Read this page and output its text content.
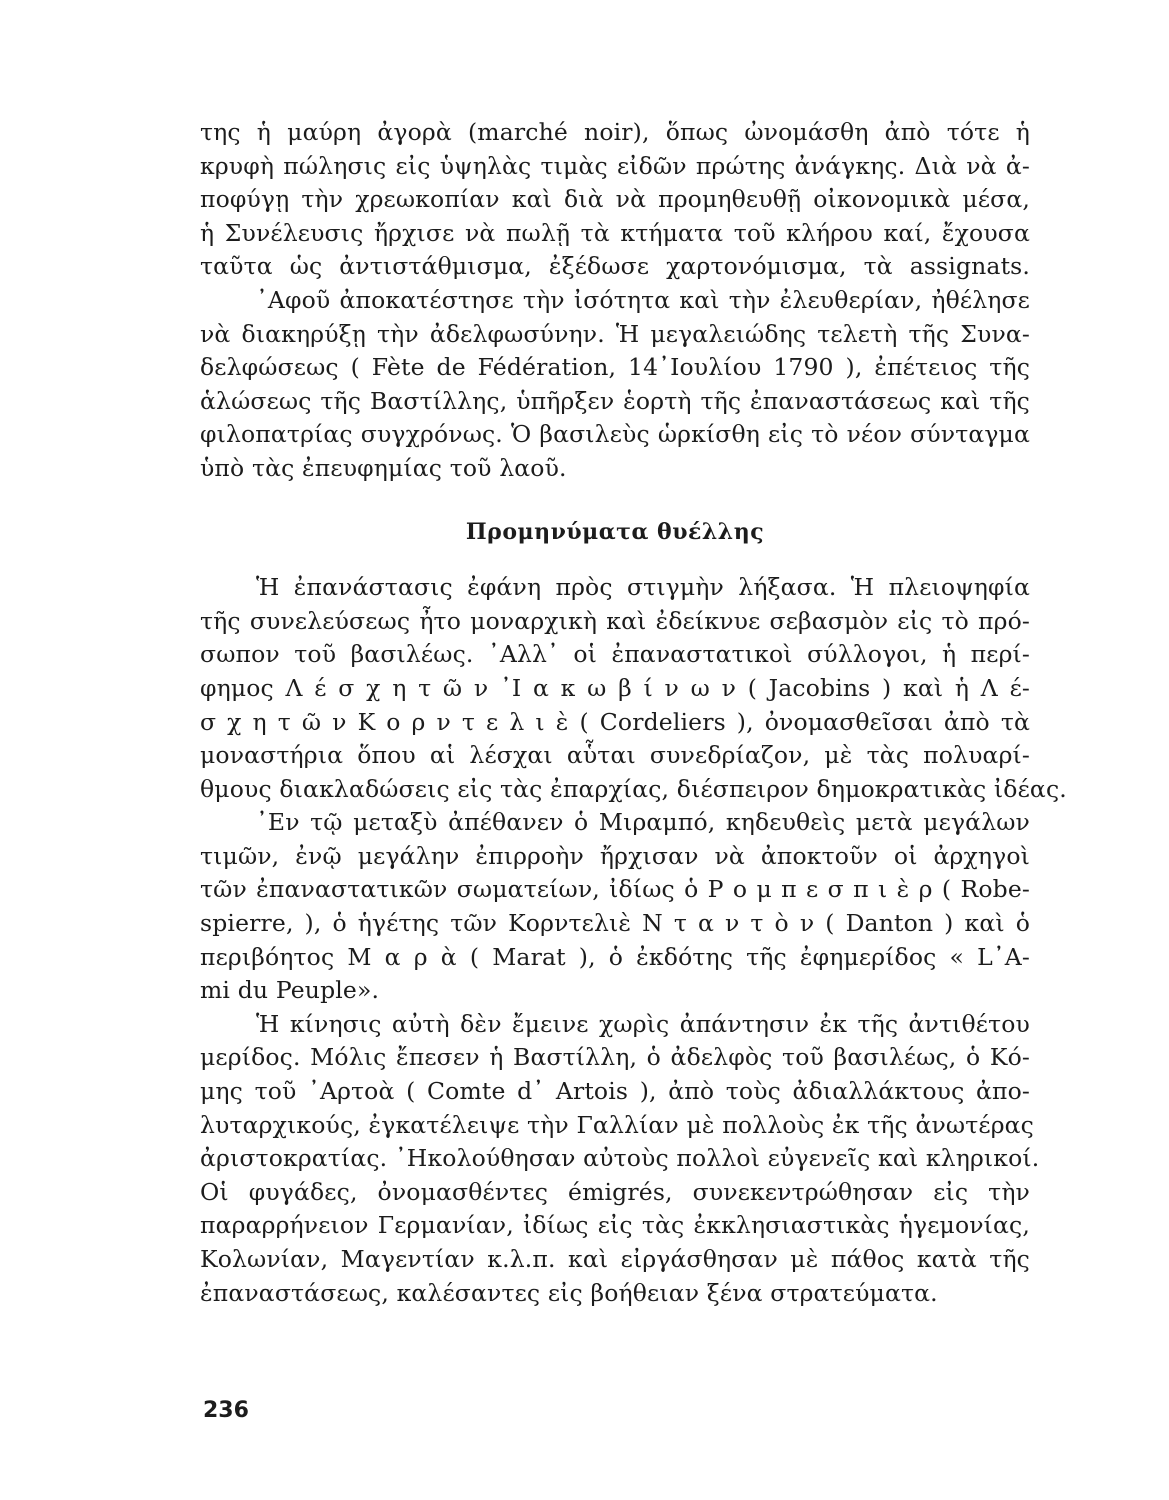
της ἡ μαύρη ἀγορὰ (marché noir), ὅπως ὠνομάσθη ἀπὸ τότε ἡ
κρυφὴ πώλησις εἰς ὑψηλὰς τιμὰς εἰδῶν πρώτης ἀνάγκης. Διὰ νὰ ἀ-
ποφύγῃ τὴν χρεωκοπίαν καὶ διὰ νὰ προμηθευθῇ οἰκονομικὰ μέσα,
ἡ Συνέλευσις ἤρχισε νὰ πωλῇ τὰ κτήματα τοῦ κλήρου καί, ἔχουσα
ταῦτα ὡς ἀντιστάθμισμα, ἐξέδωσε χαρτονόμισμα, τὰ assignats.
᾿Αφοῦ ἀποκατέστησε τὴν ἰσότητα καὶ τὴν ἐλευθερίαν, ἠθέλησε
νὰ διακηρύξῃ τὴν ἀδελφωσύνην. Ἡ μεγαλειώδης τελετὴ τῆς Συνα-
δελφώσεως ( Fète de Fédération, 14᾿Ιουλίου 1790 ), ἐπέτειος τῆς
ἁλώσεως τῆς Βαστίλλης, ὑπῆρξεν ἑορτὴ τῆς ἐπαναστάσεως καὶ τῆς
φιλοπατρίας συγχρόνως. Ὁ βασιλεὺς ὡρκίσθη εἰς τὸ νέον σύνταγμα
ὑπὸ τὰς ἐπευφημίας τοῦ λαοῦ.
Προμηνύματα θυέλλης
Ἡ ἐπανάστασις ἐφάνη πρὸς στιγμὴν λήξασα. Ἡ πλειοψηφία
τῆς συνελεύσεως ἦτο μοναρχικὴ καὶ ἐδείκνυε σεβασμὸν εἰς τὸ πρό-
σωπον τοῦ βασιλέως. ᾿Αλλ᾿ οἱ ἐπαναστατικοὶ σύλλογοι, ἡ περί-
φημος Λ έ σ χ η τ ῶ ν ᾿Ι α κ ω β ί ν ω ν ( Jacobins ) καὶ ἡ Λ έ-
σ χ η τ ῶ ν Κ ο ρ ν τ ε λ ι ὲ ( Cordeliers ), ὀνομασθεῖσαι ἀπὸ τὰ
μοναστήρια ὅπου αἱ λέσχαι αὗται συνεδρίαζον, μὲ τὰς πολυαρί-
θμους διακλαδώσεις εἰς τὰς ἐπαρχίας, διέσπειρον δημοκρατικὰς ἰδέας.
᾿Εν τῷ μεταξὺ ἀπέθανεν ὁ Μιραμπό, κηδευθεὶς μετὰ μεγάλων
τιμῶν, ἐνῷ μεγάλην ἐπιρροὴν ἤρχισαν νὰ ἀποκτοῦν οἱ ἀρχηγοὶ
τῶν ἐπαναστατικῶν σωματείων, ἰδίως ὁ Ρ ο μ π ε σ π ι ὲ ρ ( Robe-
spierre, ), ὁ ἡγέτης τῶν Κορντελιὲ Ν τ α ν τ ὸ ν ( Danton ) καὶ ὁ
περιβόητος Μ α ρ ὰ ( Marat ), ὁ ἐκδότης τῆς ἐφημερίδος « L᾿A-
mi du Peuple».
Ἡ κίνησις αὐτὴ δὲν ἔμεινε χωρὶς ἀπάντησιν ἐκ τῆς ἀντιθέτου
μερίδος. Μόλις ἔπεσεν ἡ Βαστίλλη, ὁ ἀδελφὸς τοῦ βασιλέως, ὁ Κό-
μης τοῦ ᾿Αρτοὰ ( Comte d᾿ Artois ), ἀπὸ τοὺς ἀδιαλλάκτους ἀπο-
λυταρχικούς, ἐγκατέλειψε τὴν Γαλλίαν μὲ πολλοὺς ἐκ τῆς ἀνωτέρας
ἀριστοκρατίας. ᾿Ηκολούθησαν αὐτοὺς πολλοὶ εὐγενεῖς καὶ κληρικοί.
Οἱ φυγάδες, ὀνομασθέντες émigrés, συνεκεντρώθησαν εἰς τὴν
παραρρήνειον Γερμανίαν, ἰδίως εἰς τὰς ἐκκλησιαστικὰς ἡγεμονίας,
Κολωνίαν, Μαγεντίαν κ.λ.π. καὶ εἰργάσθησαν μὲ πάθος κατὰ τῆς
ἐπαναστάσεως, καλέσαντες εἰς βοήθειαν ξένα στρατεύματα.
236
